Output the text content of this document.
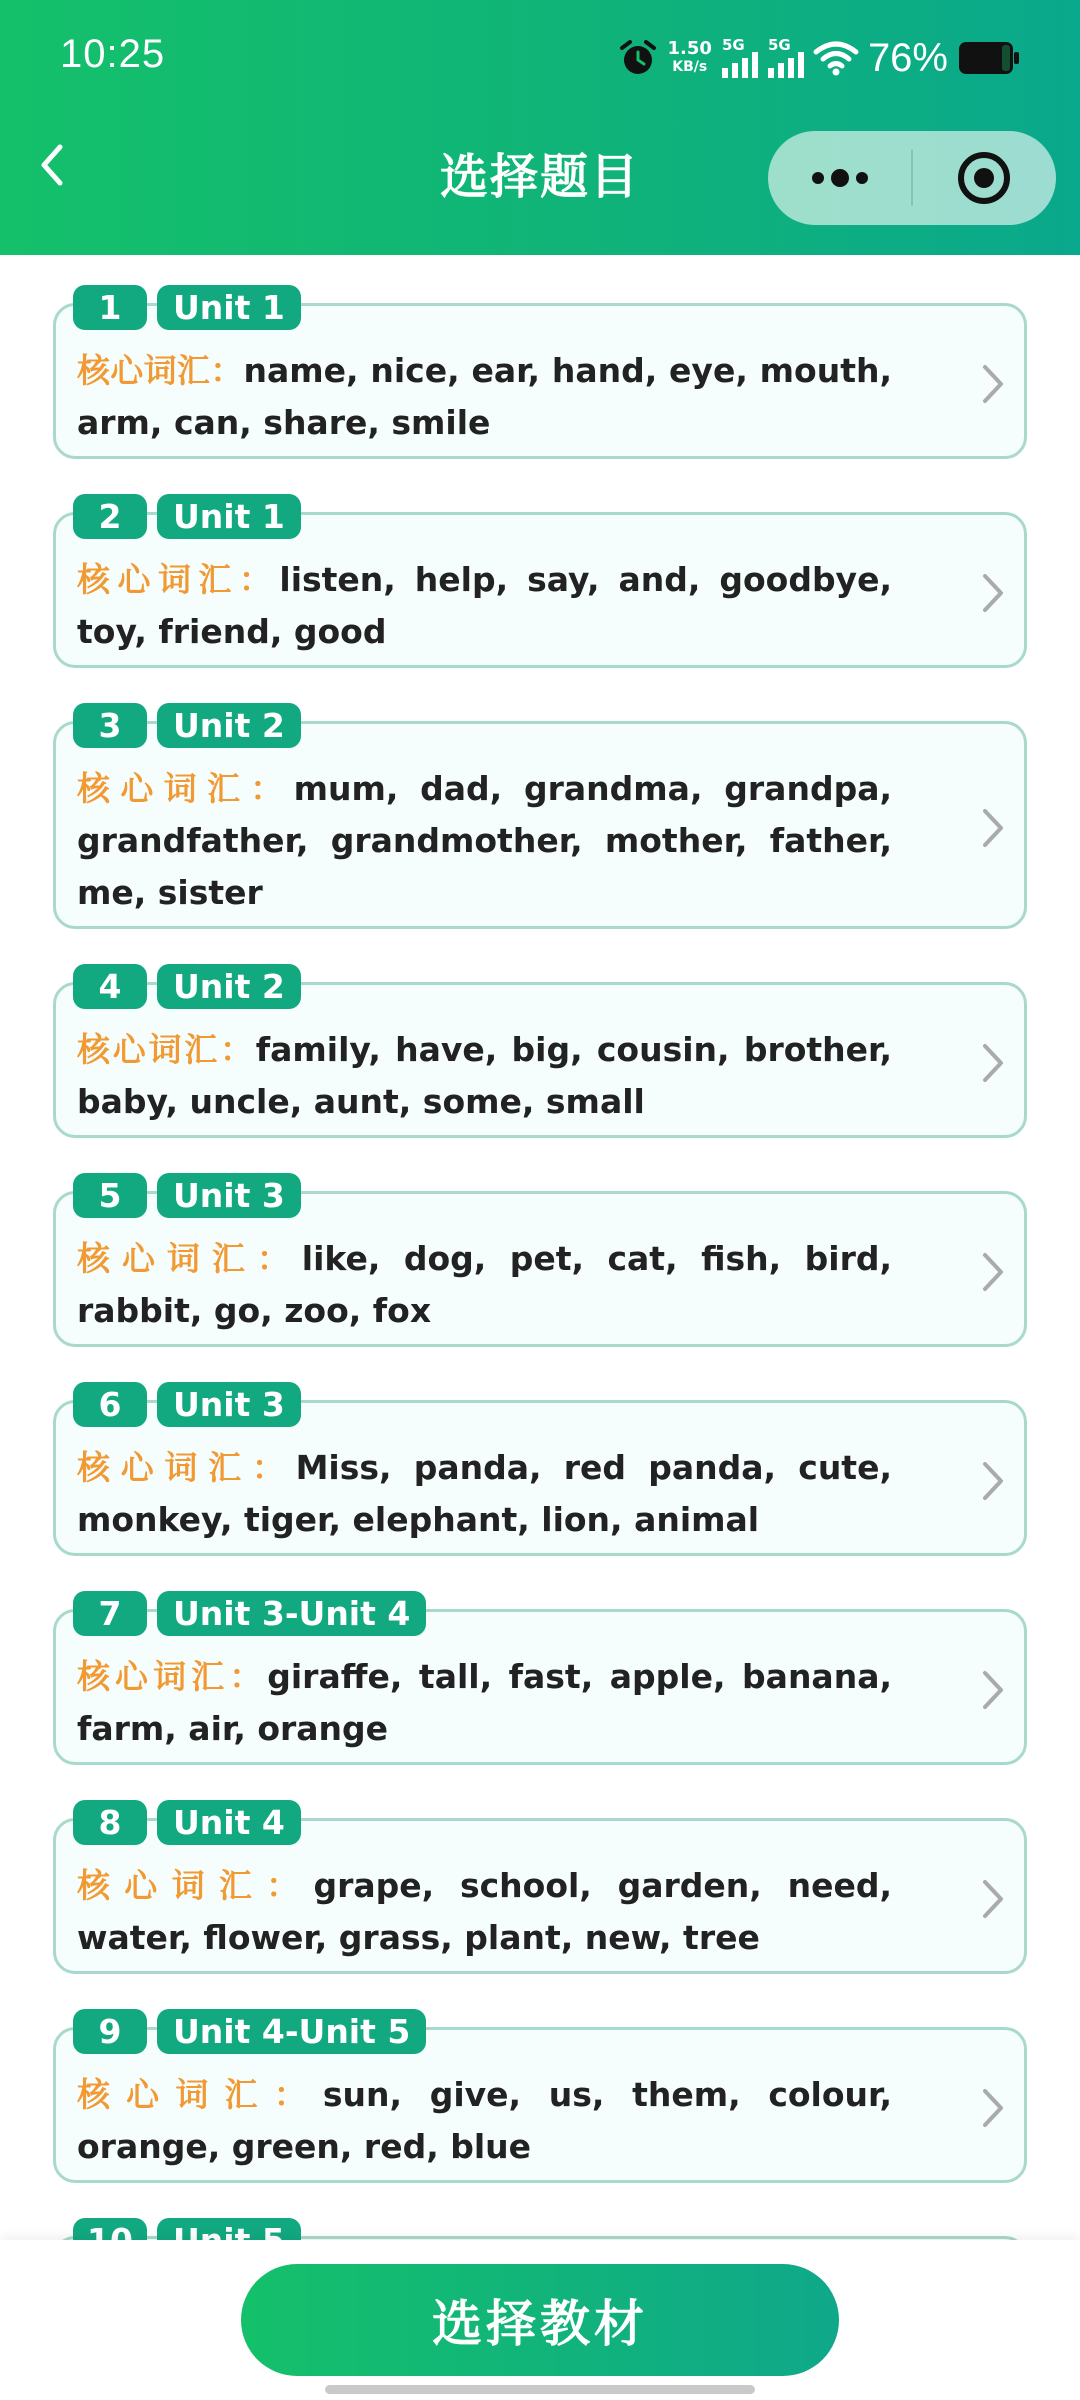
10:25	1.50
KB/s
5G 5G 76%
选择题目
1	Unit 1
核心词汇：name, nice, ear, hand, eye, mouth, arm, can, share, smile
2	Unit 1
核心词汇：listen, help, say, and, goodbye, toy, friend, good
3	Unit 2
核心词汇：mum, dad, grandma, grandpa, grandfather, grandmother, mother, father, me, sister
4	Unit 2
核心词汇：family, have, big, cousin, brother, baby, uncle, aunt, some, small
5	Unit 3
核心词汇：like, dog, pet, cat, fish, bird, rabbit, go, zoo, fox
6	Unit 3
核心词汇：Miss, panda, red panda, cute, monkey, tiger, elephant, lion, animal
7	Unit 3-Unit 4
核心词汇：giraffe, tall, fast, apple, banana, farm, air, orange
8	Unit 4
核心词汇：grape, school, garden, need, water, flower, grass, plant, new, tree
9	Unit 4-Unit 5
核心词汇：sun, give, us, them, colour, orange, green, red, blue
选择教材
